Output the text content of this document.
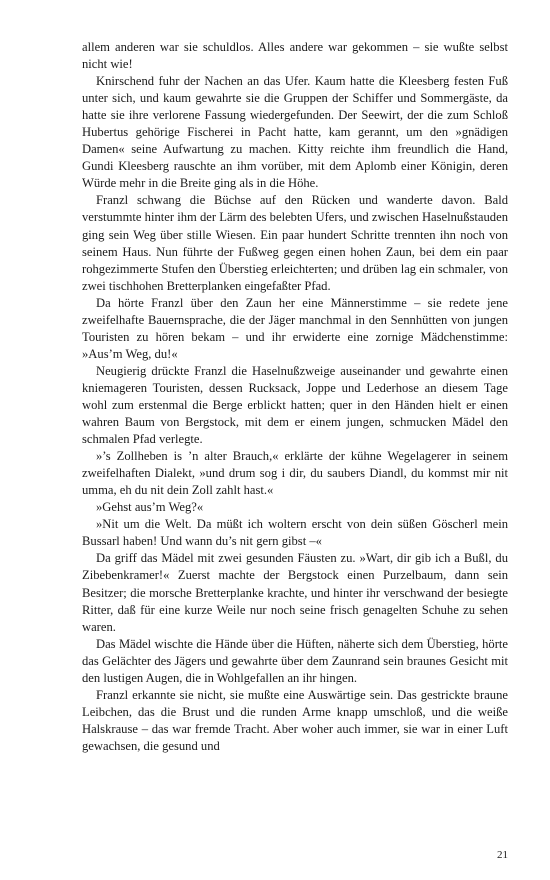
allem anderen war sie schuldlos. Alles andere war gekommen – sie wußte selbst nicht wie!

Knirschend fuhr der Nachen an das Ufer. Kaum hatte die Kleesberg festen Fuß unter sich, und kaum gewahrte sie die Gruppen der Schiffer und Sommergäste, da hatte sie ihre verlorene Fassung wiedergefunden. Der Seewirt, der die zum Schloß Hubertus gehörige Fischerei in Pacht hatte, kam gerannt, um den »gnädigen Damen« seine Aufwartung zu machen. Kitty reichte ihm freundlich die Hand, Gundi Kleesberg rauschte an ihm vorüber, mit dem Aplomb einer Königin, deren Würde mehr in die Breite ging als in die Höhe.

Franzl schwang die Büchse auf den Rücken und wanderte davon. Bald verstummte hinter ihm der Lärm des belebten Ufers, und zwischen Haselnußstauden ging sein Weg über stille Wiesen. Ein paar hundert Schritte trennten ihn noch von seinem Haus. Nun führte der Fußweg gegen einen hohen Zaun, bei dem ein paar rohgezimmerte Stufen den Überstieg erleichterten; und drüben lag ein schmaler, von zwei tischhohen Bretterplanken eingefaßter Pfad.

Da hörte Franzl über den Zaun her eine Männerstimme – sie redete jene zweifelhafte Bauernsprache, die der Jäger manchmal in den Sennhütten von jungen Touristen zu hören bekam – und ihr erwiderte eine zornige Mädchenstimme: »Aus’m Weg, du!«

Neugierig drückte Franzl die Haselnußzweige auseinander und gewahrte einen kniemageren Touristen, dessen Rucksack, Joppe und Lederhose an diesem Tage wohl zum erstenmal die Berge erblickt hatten; quer in den Händen hielt er einen wahren Baum von Bergstock, mit dem er einem jungen, schmucken Mädel den schmalen Pfad verlegte.

»’s Zollheben is ’n alter Brauch,« erklärte der kühne Wegelagerer in seinem zweifelhaften Dialekt, »und drum sog i dir, du saubers Diandl, du kommst mir nit umma, eh du nit dein Zoll zahlt hast.«

»Gehst aus’m Weg?«

»Nit um die Welt. Da müßt ich woltern erscht von dein süßen Göscherl mein Bussarl haben! Und wann du’s nit gern gibst –«

Da griff das Mädel mit zwei gesunden Fäusten zu. »Wart, dir gib ich a Bußl, du Zibebenkramer!« Zuerst machte der Bergstock einen Purzelbaum, dann sein Besitzer; die morsche Bretterplanke krachte, und hinter ihr verschwand der besiegte Ritter, daß für eine kurze Weile nur noch seine frisch genagelten Schuhe zu sehen waren.

Das Mädel wischte die Hände über die Hüften, näherte sich dem Überstieg, hörte das Gelächter des Jägers und gewahrte über dem Zaunrand sein braunes Gesicht mit den lustigen Augen, die in Wohlgefallen an ihr hingen.

Franzl erkannte sie nicht, sie mußte eine Auswärtige sein. Das gestrickte braune Leibchen, das die Brust und die runden Arme knapp umschloß, und die weiße Halskrause – das war fremde Tracht. Aber woher auch immer, sie war in einer Luft gewachsen, die gesund und

21
